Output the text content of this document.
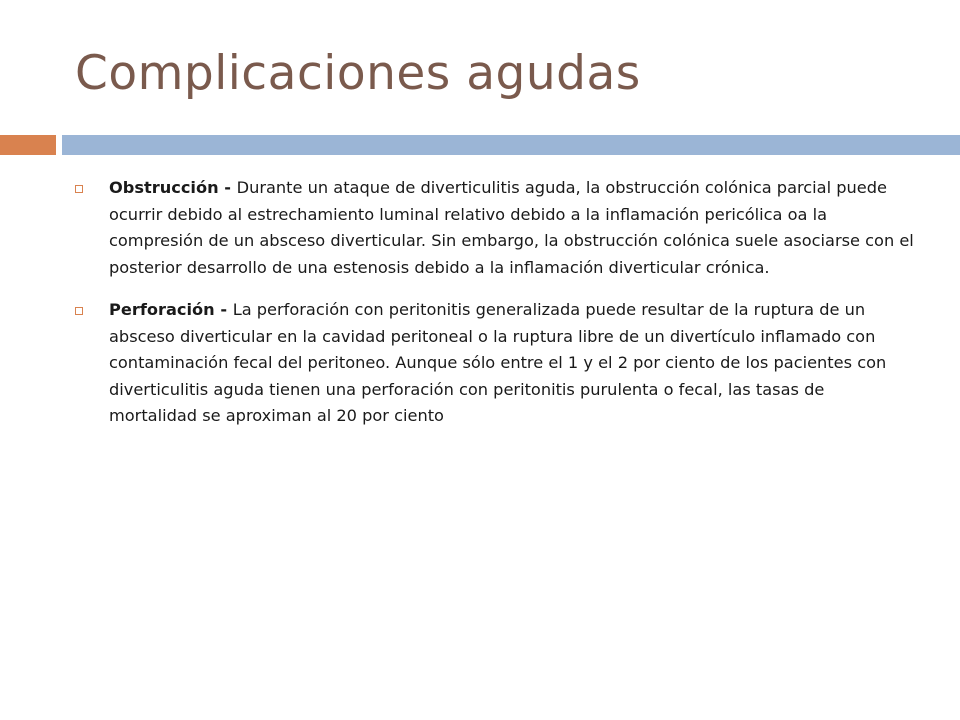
Complicaciones agudas
Obstrucción - Durante un ataque de diverticulitis aguda, la obstrucción colónica parcial puede ocurrir debido al estrechamiento luminal relativo debido a la inflamación pericólica oa la compresión de un absceso diverticular. Sin embargo, la obstrucción colónica suele asociarse con el posterior desarrollo de una estenosis debido a la inflamación diverticular crónica.
Perforación - La perforación con peritonitis generalizada puede resultar de la ruptura de un absceso diverticular en la cavidad peritoneal o la ruptura libre de un divertículo inflamado con contaminación fecal del peritoneo. Aunque sólo entre el 1 y el 2 por ciento de los pacientes con diverticulitis aguda tienen una perforación con peritonitis purulenta o fecal, las tasas de mortalidad se aproximan al 20 por ciento
